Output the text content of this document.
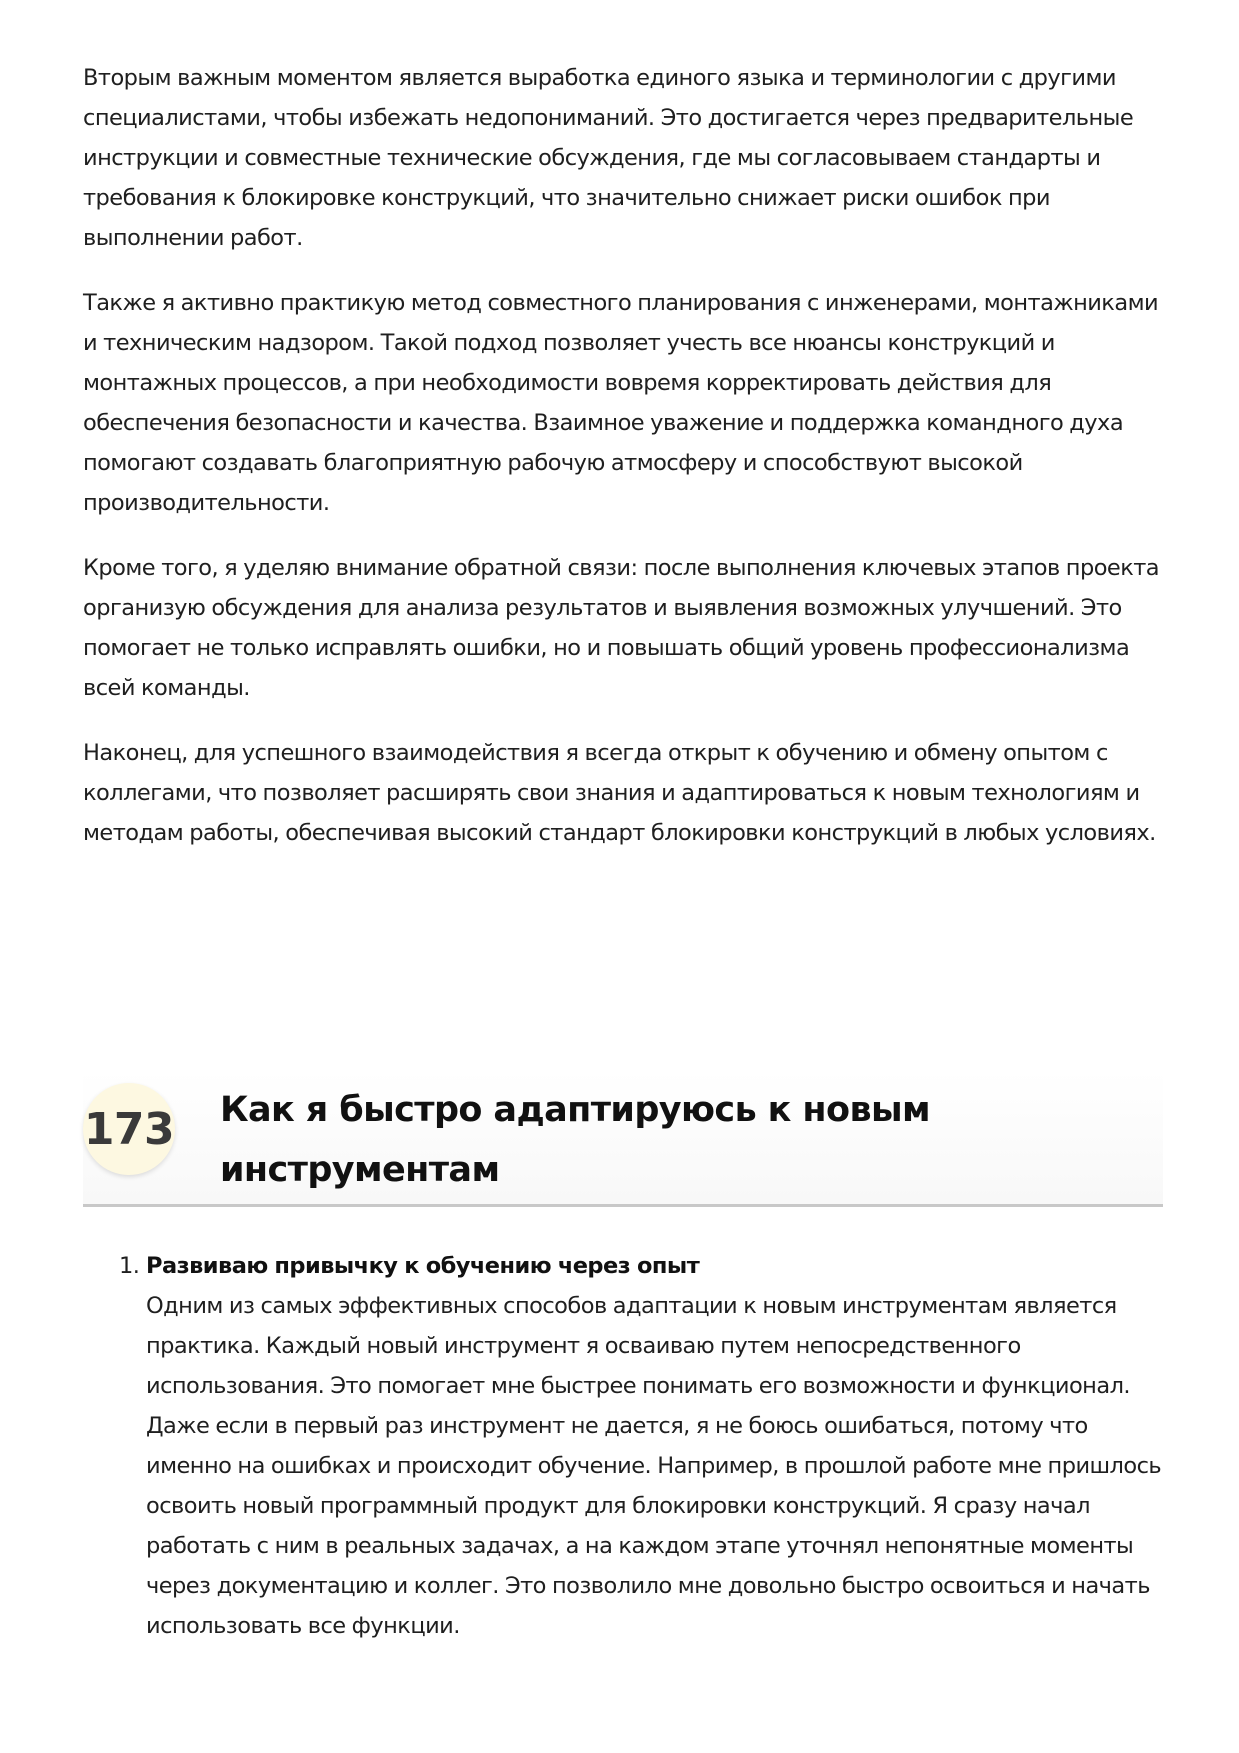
Вторым важным моментом является выработка единого языка и терминологии с другими специалистами, чтобы избежать недопониманий. Это достигается через предварительные инструкции и совместные технические обсуждения, где мы согласовываем стандарты и требования к блокировке конструкций, что значительно снижает риски ошибок при выполнении работ.

Также я активно практикую метод совместного планирования с инженерами, монтажниками и техническим надзором. Такой подход позволяет учесть все нюансы конструкций и монтажных процессов, а при необходимости вовремя корректировать действия для обеспечения безопасности и качества. Взаимное уважение и поддержка командного духа помогают создавать благоприятную рабочую атмосферу и способствуют высокой производительности.

Кроме того, я уделяю внимание обратной связи: после выполнения ключевых этапов проекта организую обсуждения для анализа результатов и выявления возможных улучшений. Это помогает не только исправлять ошибки, но и повышать общий уровень профессионализма всей команды.

Наконец, для успешного взаимодействия я всегда открыт к обучению и обмену опытом с коллегами, что позволяет расширять свои знания и адаптироваться к новым технологиям и методам работы, обеспечивая высокий стандарт блокировки конструкций в любых условиях.

173 Как я быстро адаптируюсь к новым инструментам
1. Развиваю привычку к обучению через опыт
Одним из самых эффективных способов адаптации к новым инструментам является практика. Каждый новый инструмент я осваиваю путем непосредственного использования. Это помогает мне быстрее понимать его возможности и функционал. Даже если в первый раз инструмент не дается, я не боюсь ошибаться, потому что именно на ошибках и происходит обучение. Например, в прошлой работе мне пришлось освоить новый программный продукт для блокировки конструкций. Я сразу начал работать с ним в реальных задачах, а на каждом этапе уточнял непонятные моменты через документацию и коллег. Это позволило мне довольно быстро освоиться и начать использовать все функции.
